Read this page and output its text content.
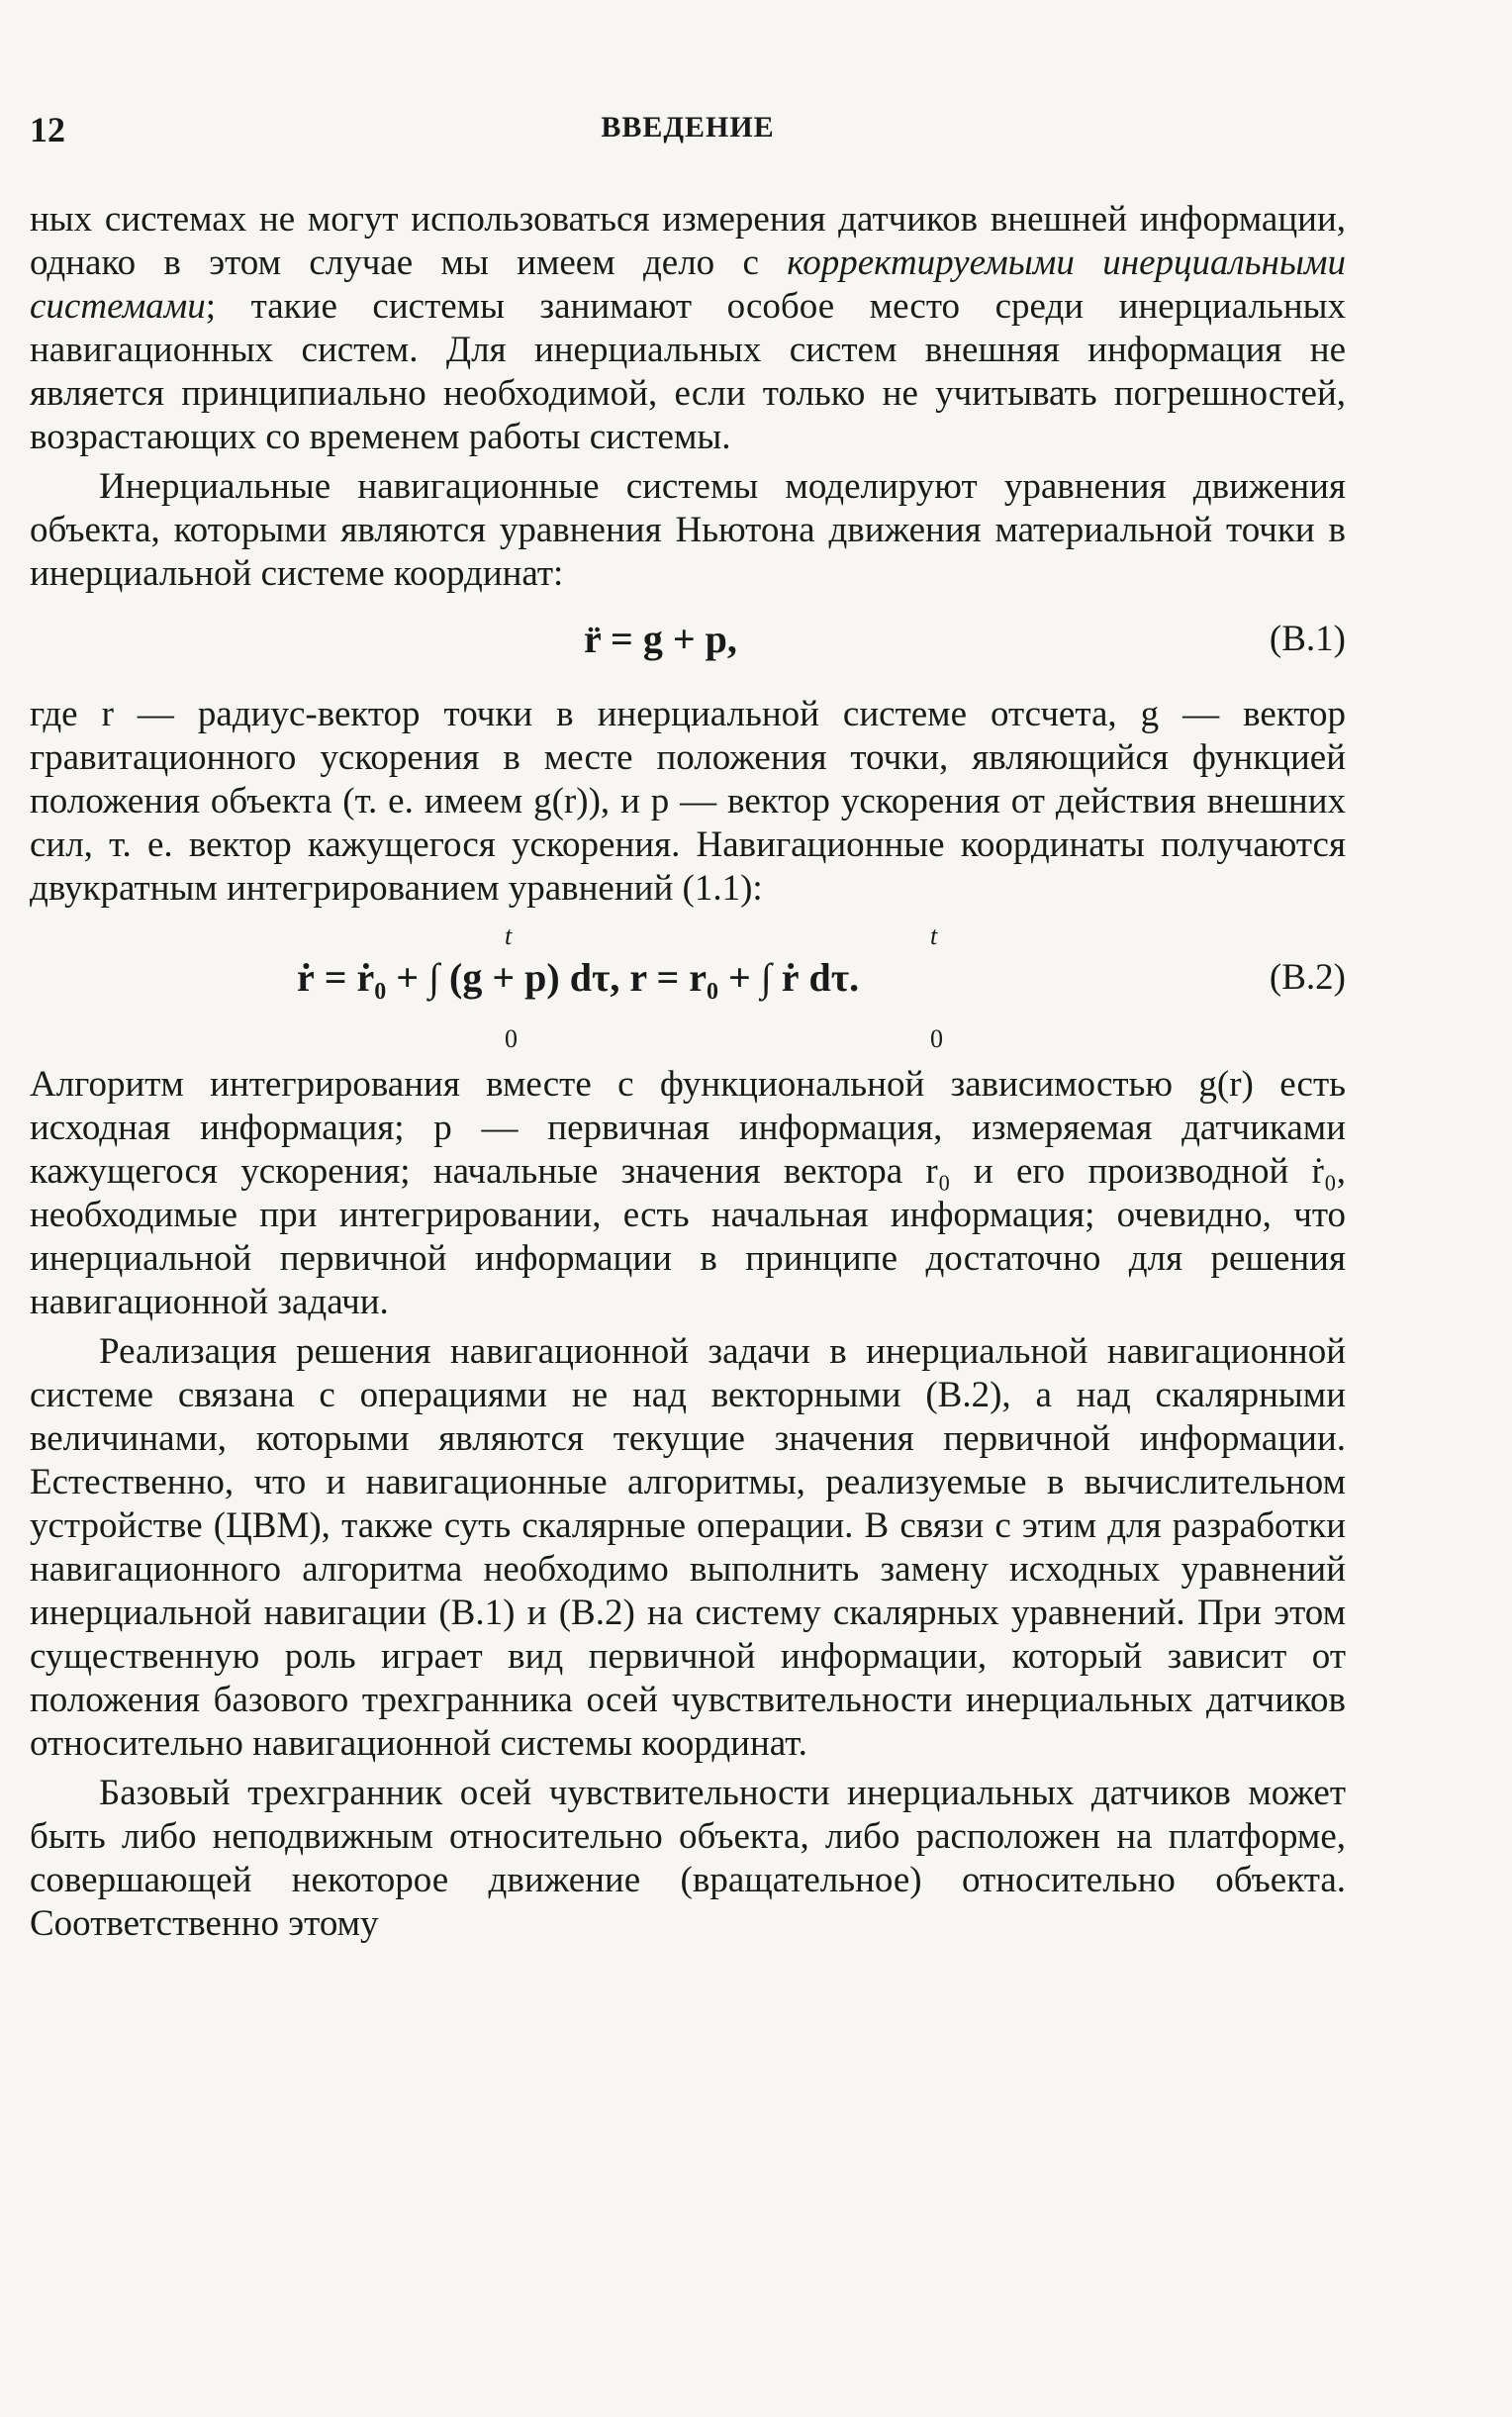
12	ВВЕДЕНИЕ

ных системах не могут использоваться измерения датчиков внешней информации, однако в этом случае мы имеем дело с корректируемыми инерциальными системами; такие системы занимают особое место среди инерциальных навигационных систем. Для инерциальных систем внешняя информация не является принципиально необходимой, если только не учитывать погрешностей, возрастающих со временем работы системы.

Инерциальные навигационные системы моделируют уравнения движения объекта, которыми являются уравнения Ньютона движения материальной точки в инерциальной системе координат:

r̈ = g + p,	(В.1)

где r — радиус-вектор точки в инерциальной системе отсчета, g — вектор гравитационного ускорения в месте положения точки, являющийся функцией положения объекта (т. е. имеем g(r)), и p — вектор ускорения от действия внешних сил, т. е. вектор кажущегося ускорения. Навигационные координаты получаются двукратным интегрированием уравнений (1.1):

ṙ = ṙ₀ + ∫ (g + p) dτ, r = r₀ + ∫ ṙ dτ.
t
0
t
0
(В.2)

Алгоритм интегрирования вместе с функциональной зависимостью g(r) есть исходная информация; p — первичная информация, измеряемая датчиками кажущегося ускорения; начальные значения вектора r₀ и его производной ṙ₀, необходимые при интегрировании, есть начальная информация; очевидно, что инерциальной первичной информации в принципе достаточно для решения навигационной задачи.

Реализация решения навигационной задачи в инерциальной навигационной системе связана с операциями не над векторными (В.2), а над скалярными величинами, которыми являются текущие значения первичной информации. Естественно, что и навигационные алгоритмы, реализуемые в вычислительном устройстве (ЦВМ), также суть скалярные операции. В связи с этим для разработки навигационного алгоритма необходимо выполнить замену исходных уравнений инерциальной навигации (В.1) и (В.2) на систему скалярных уравнений. При этом существенную роль играет вид первичной информации, который зависит от положения базового трехгранника осей чувствительности инерциальных датчиков относительно навигационной системы координат.

Базовый трехгранник осей чувствительности инерциальных датчиков может быть либо неподвижным относительно объекта, либо расположен на платформе, совершающей некоторое движение (вращательное) относительно объекта. Соответственно этому
